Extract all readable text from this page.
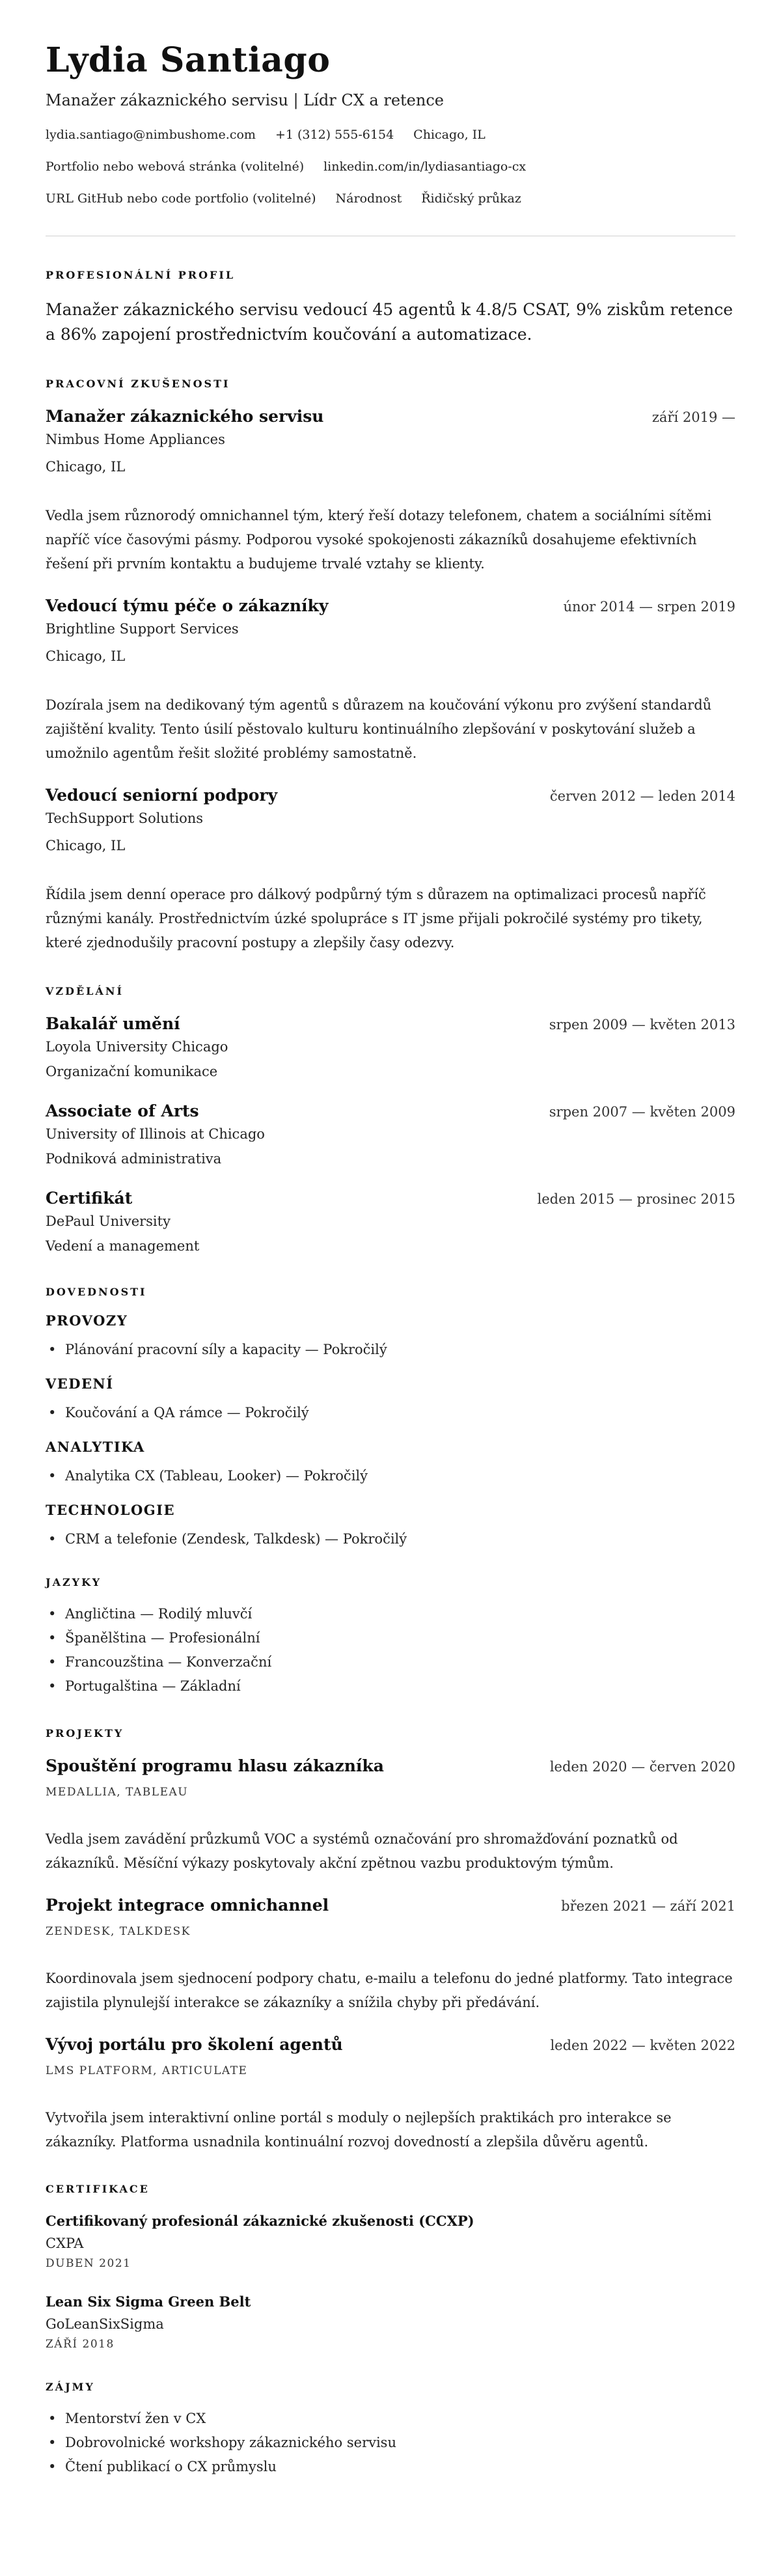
Lydia Santiago
Manažer zákaznického servisu | Lídr CX a retence
lydia.santiago@nimbushome.com +1 (312) 555-6154 Chicago, IL
Portfolio nebo webová stránka (volitelné) linkedin.com/in/lydiasantiago-cx
URL GitHub nebo code portfolio (volitelné) Národnost Řidičský průkaz
PROFESIONÁLNÍ PROFIL

Manažer zákaznického servisu vedoucí 45 agentů k 4.8/5 CSAT, 9% ziskům retence a 86% zapojení prostřednictvím koučování a automatizace.

PRACOVNÍ ZKUŠENOSTI
Manažer zákaznického servisu	září 2019 —
Nimbus Home Appliances
Chicago, IL

Vedla jsem různorodý omnichannel tým, který řeší dotazy telefonem, chatem a sociálními sítěmi napříč více časovými pásmy. Podporou vysoké spokojenosti zákazníků dosahujeme efektivních řešení při prvním kontaktu a budujeme trvalé vztahy se klienty.

Vedoucí týmu péče o zákazníky	únor 2014 — srpen 2019
Brightline Support Services
Chicago, IL

Dozírala jsem na dedikovaný tým agentů s důrazem na koučování výkonu pro zvýšení standardů zajištění kvality. Tento úsilí pěstovalo kulturu kontinuálního zlepšování v poskytování služeb a umožnilo agentům řešit složité problémy samostatně.

Vedoucí seniorní podpory	červen 2012 — leden 2014
TechSupport Solutions
Chicago, IL

Řídila jsem denní operace pro dálkový podpůrný tým s důrazem na optimalizaci procesů napříč různými kanály. Prostřednictvím úzké spolupráce s IT jsme přijali pokročilé systémy pro tikety, které zjednodušily pracovní postupy a zlepšily časy odezvy.

VZDĚLÁNÍ
Bakalář umění	srpen 2009 — květen 2013
Loyola University Chicago
Organizační komunikace
Associate of Arts	srpen 2007 — květen 2009
University of Illinois at Chicago
Podniková administrativa
Certifikát	leden 2015 — prosinec 2015
DePaul University
Vedení a management
DOVEDNOSTI
PROVOZY
• Plánování pracovní síly a kapacity — Pokročilý
VEDENÍ
• Koučování a QA rámce — Pokročilý
ANALYTIKA
• Analytika CX (Tableau, Looker) — Pokročilý
TECHNOLOGIE
• CRM a telefonie (Zendesk, Talkdesk) — Pokročilý
JAZYKY
• Angličtina — Rodilý mluvčí
• Španělština — Profesionální
• Francouzština — Konverzační
• Portugalština — Základní
PROJEKTY
Spouštění programu hlasu zákazníka	leden 2020 — červen 2020
MEDALLIA, TABLEAU

Vedla jsem zavádění průzkumů VOC a systémů označování pro shromažďování poznatků od zákazníků. Měsíční výkazy poskytovaly akční zpětnou vazbu produktovým týmům.

Projekt integrace omnichannel	březen 2021 — září 2021
ZENDESK, TALKDESK

Koordinovala jsem sjednocení podpory chatu, e-mailu a telefonu do jedné platformy. Tato integrace zajistila plynulejší interakce se zákazníky a snížila chyby při předávání.

Vývoj portálu pro školení agentů	leden 2022 — květen 2022
LMS PLATFORM, ARTICULATE

Vytvořila jsem interaktivní online portál s moduly o nejlepších praktikách pro interakce se zákazníky. Platforma usnadnila kontinuální rozvoj dovedností a zlepšila důvěru agentů.

CERTIFIKACE
Certifikovaný profesionál zákaznické zkušenosti (CCXP)
CXPA
DUBEN 2021
Lean Six Sigma Green Belt
GoLeanSixSigma
ZÁŘÍ 2018
ZÁJMY
• Mentorství žen v CX
• Dobrovolnické workshopy zákaznického servisu
• Čtení publikací o CX průmyslu
